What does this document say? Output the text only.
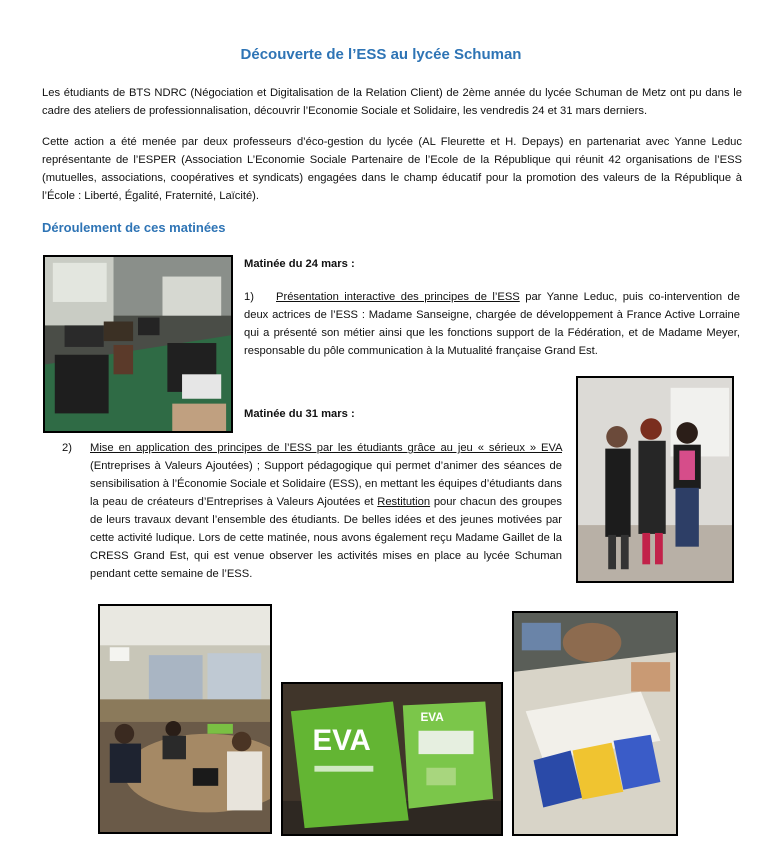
Découverte de l’ESS au lycée Schuman
Les étudiants de BTS NDRC (Négociation et Digitalisation de la Relation Client) de 2ème année du lycée Schuman de Metz ont pu dans le cadre des ateliers de professionnalisation, découvrir l’Economie Sociale et Solidaire, les vendredis 24 et 31 mars derniers.
Cette action a été menée par deux professeurs d’éco-gestion du lycée (AL Fleurette et H. Depays) en partenariat avec Yanne Leduc représentante de l’ESPER (Association L’Economie Sociale Partenaire de l’Ecole de la République qui réunit 42 organisations de l’ESS (mutuelles, associations, coopératives et syndicats) engagées dans le champ éducatif pour la promotion des valeurs de la République à l’École : Liberté, Égalité, Fraternité, Laïcité).
Déroulement de ces matinées
Matinée du 24 mars :
1) Présentation interactive des principes de l’ESS par Yanne Leduc, puis co-intervention de deux actrices de l’ESS : Madame Sanseigne, chargée de développement à France Active Lorraine qui a présenté son métier ainsi que les fonctions support de la Fédération, et de Madame Meyer, responsable du pôle communication à la Mutualité française Grand Est.
Matinée du 31 mars :
2) Mise en application des principes de l’ESS par les étudiants grâce au jeu « sérieux » EVA (Entreprises à Valeurs Ajoutées) ; Support pédagogique qui permet d’animer des séances de sensibilisation à l’Économie Sociale et Solidaire (ESS), en mettant les équipes d’étudiants dans la peau de créateurs d’Entreprises à Valeurs Ajoutées et Restitution pour chacun des groupes de leurs travaux devant l’ensemble des étudiants. De belles idées et des jeunes motivées par cette activité ludique. Lors de cette matinée, nous avons également reçu Madame Gaillet de la CRESS Grand Est, qui est venue observer les activités mises en place au lycée Schuman pendant cette semaine de l’ESS.
EVA
EVA
